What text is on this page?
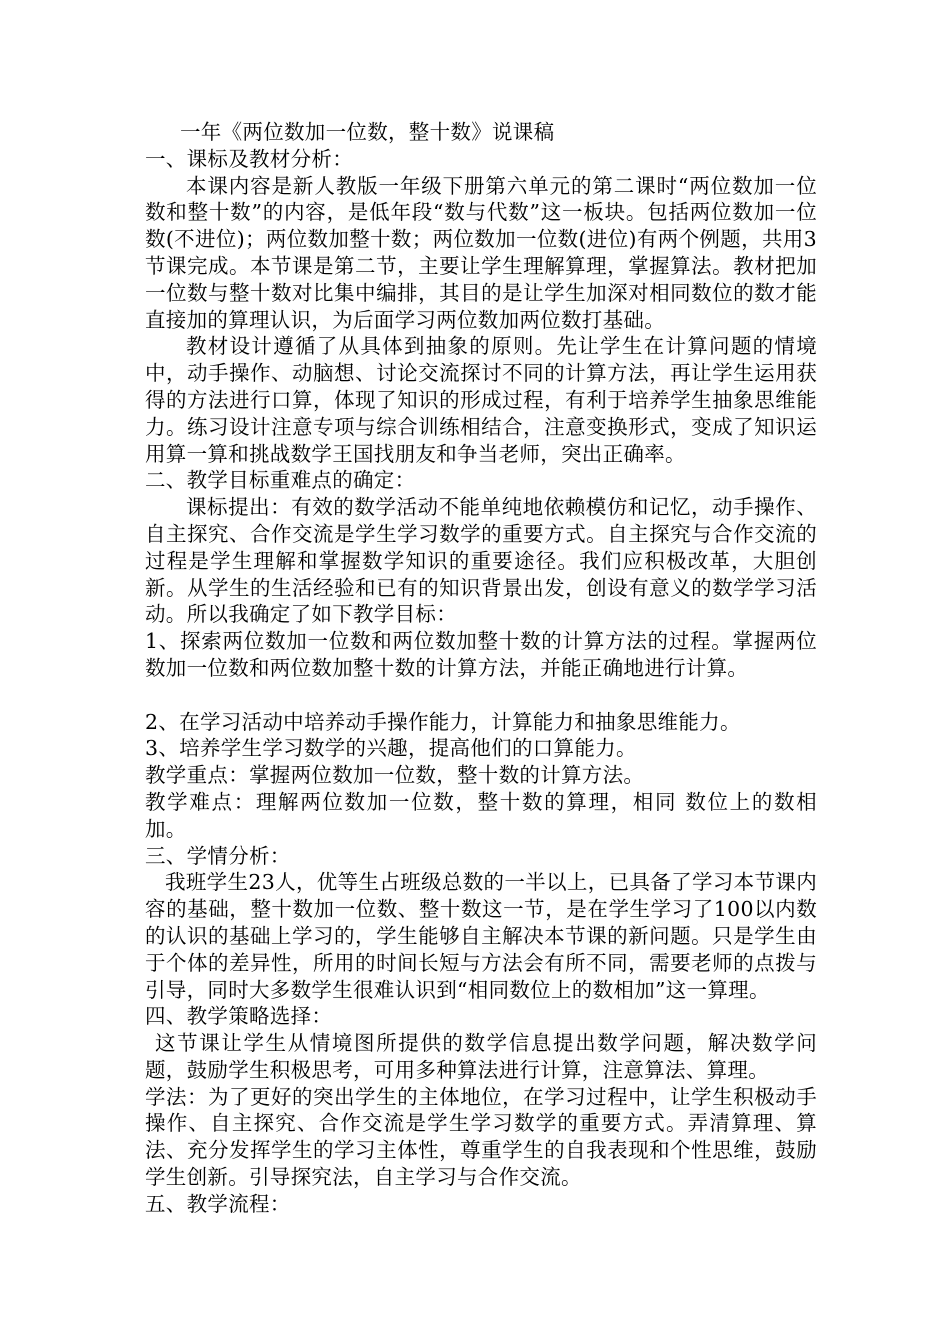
一年《两位数加一位数，整十数》说课稿
一、课标及教材分析：

本课内容是新人教版一年级下册第六单元的第二课时“两位数加一位数和整十数”的内容，是低年段“数与代数”这一板块。包括两位数加一位数(不进位)；两位数加整十数；两位数加一位数(进位)有两个例题，共用3节课完成。本节课是第二节，主要让学生理解算理，掌握算法。教材把加一位数与整十数对比集中编排，其目的是让学生加深对相同数位的数才能直接加的算理认识，为后面学习两位数加两位数打基础。

教材设计遵循了从具体到抽象的原则。先让学生在计算问题的情境中，动手操作、动脑想、讨论交流探讨不同的计算方法，再让学生运用获得的方法进行口算，体现了知识的形成过程，有利于培养学生抽象思维能力。练习设计注意专项与综合训练相结合，注意变换形式，变成了知识运用算一算和挑战数学王国找朋友和争当老师，突出正确率。

二、教学目标重难点的确定：

课标提出：有效的数学活动不能单纯地依赖模仿和记忆，动手操作、自主探究、合作交流是学生学习数学的重要方式。自主探究与合作交流的过程是学生理解和掌握数学知识的重要途径。我们应积极改革，大胆创新。从学生的生活经验和已有的知识背景出发，创设有意义的数学学习活动。所以我确定了如下教学目标：

1、探索两位数加一位数和两位数加整十数的计算方法的过程。掌握两位数加一位数和两位数加整十数的计算方法，并能正确地进行计算。

2、在学习活动中培养动手操作能力，计算能力和抽象思维能力。

3、培养学生学习数学的兴趣，提高他们的口算能力。

教学重点：掌握两位数加一位数，整十数的计算方法。

教学难点：理解两位数加一位数，整十数的算理，相同 数位上的数相加。

三、学情分析：

我班学生23人，优等生占班级总数的一半以上，已具备了学习本节课内容的基础，整十数加一位数、整十数这一节，是在学生学习了100以内数的认识的基础上学习的，学生能够自主解决本节课的新问题。只是学生由于个体的差异性，所用的时间长短与方法会有所不同，需要老师的点拨与引导，同时大多数学生很难认识到“相同数位上的数相加”这一算理。

四、教学策略选择：

这节课让学生从情境图所提供的数学信息提出数学问题，解决数学问题，鼓励学生积极思考，可用多种算法进行计算，注意算法、算理。

学法：为了更好的突出学生的主体地位，在学习过程中，让学生积极动手操作、自主探究、合作交流是学生学习数学的重要方式。弄清算理、算法、充分发挥学生的学习主体性，尊重学生的自我表现和个性思维，鼓励学生创新。引导探究法，自主学习与合作交流。

五、教学流程：
